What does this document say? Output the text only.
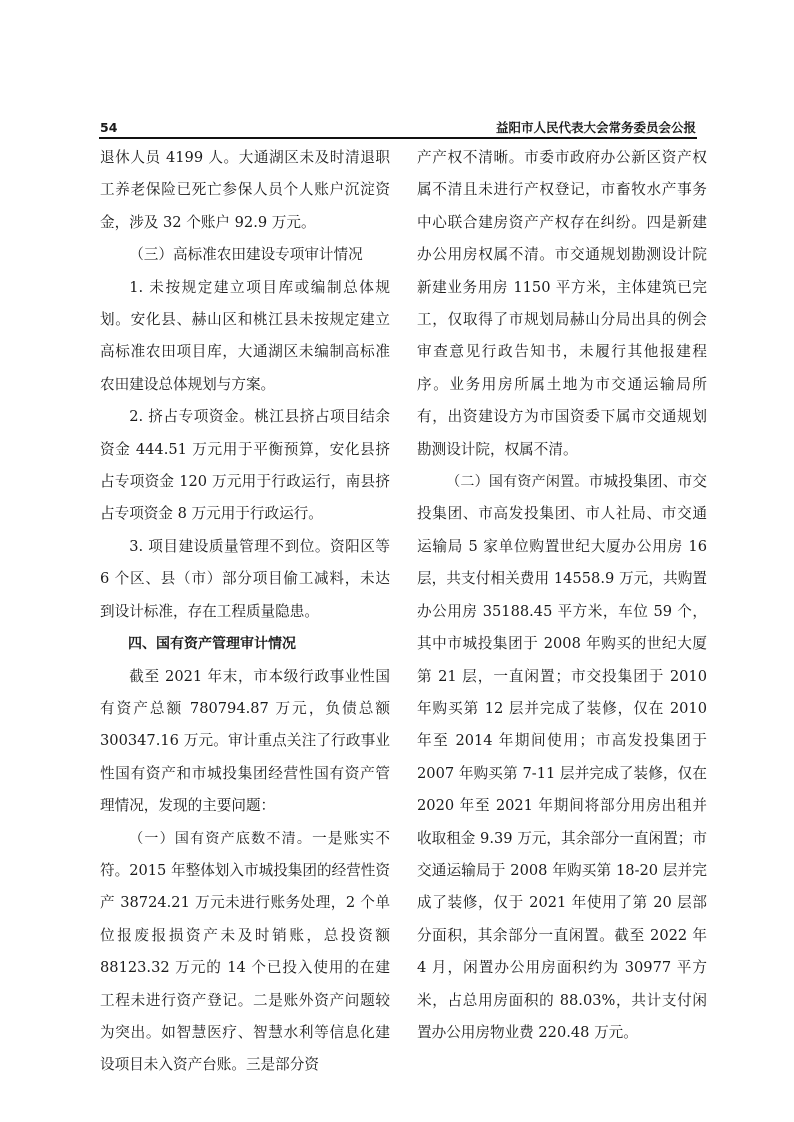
54	益阳市人民代表大会常务委员会公报

退休人员 4199 人。大通湖区未及时清退职工养老保险已死亡参保人员个人账户沉淀资金，涉及 32 个账户 92.9 万元。

（三）高标准农田建设专项审计情况

1. 未按规定建立项目库或编制总体规划。安化县、赫山区和桃江县未按规定建立高标准农田项目库，大通湖区未编制高标准农田建设总体规划与方案。

2. 挤占专项资金。桃江县挤占项目结余资金 444.51 万元用于平衡预算，安化县挤占专项资金 120 万元用于行政运行，南县挤占专项资金 8 万元用于行政运行。

3. 项目建设质量管理不到位。资阳区等 6 个区、县（市）部分项目偷工减料，未达到设计标准，存在工程质量隐患。

四、国有资产管理审计情况

截至 2021 年末，市本级行政事业性国有资产总额 780794.87 万元，负债总额 300347.16 万元。审计重点关注了行政事业性国有资产和市城投集团经营性国有资产管理情况，发现的主要问题：

（一）国有资产底数不清。一是账实不符。2015 年整体划入市城投集团的经营性资产 38724.21 万元未进行账务处理，2 个单位报废报损资产未及时销账，总投资额 88123.32 万元的 14 个已投入使用的在建工程未进行资产登记。二是账外资产问题较为突出。如智慧医疗、智慧水利等信息化建设项目未入资产台账。三是部分资

产产权不清晰。市委市政府办公新区资产权属不清且未进行产权登记，市畜牧水产事务中心联合建房资产产权存在纠纷。四是新建办公用房权属不清。市交通规划勘测设计院新建业务用房 1150 平方米，主体建筑已完工，仅取得了市规划局赫山分局出具的例会审查意见行政告知书，未履行其他报建程序。业务用房所属土地为市交通运输局所有，出资建设方为市国资委下属市交通规划勘测设计院，权属不清。

（二）国有资产闲置。市城投集团、市交投集团、市高发投集团、市人社局、市交通运输局 5 家单位购置世纪大厦办公用房 16 层，共支付相关费用 14558.9 万元，共购置办公用房 35188.45 平方米，车位 59 个，其中市城投集团于 2008 年购买的世纪大厦第 21 层，一直闲置；市交投集团于 2010 年购买第 12 层并完成了装修，仅在 2010 年至 2014 年期间使用；市高发投集团于 2007 年购买第 7-11 层并完成了装修，仅在 2020 年至 2021 年期间将部分用房出租并收取租金 9.39 万元，其余部分一直闲置；市交通运输局于 2008 年购买第 18-20 层并完成了装修，仅于 2021 年使用了第 20 层部分面积，其余部分一直闲置。截至 2022 年 4 月，闲置办公用房面积约为 30977 平方米，占总用房面积的 88.03%，共计支付闲置办公用房物业费 220.48 万元。
